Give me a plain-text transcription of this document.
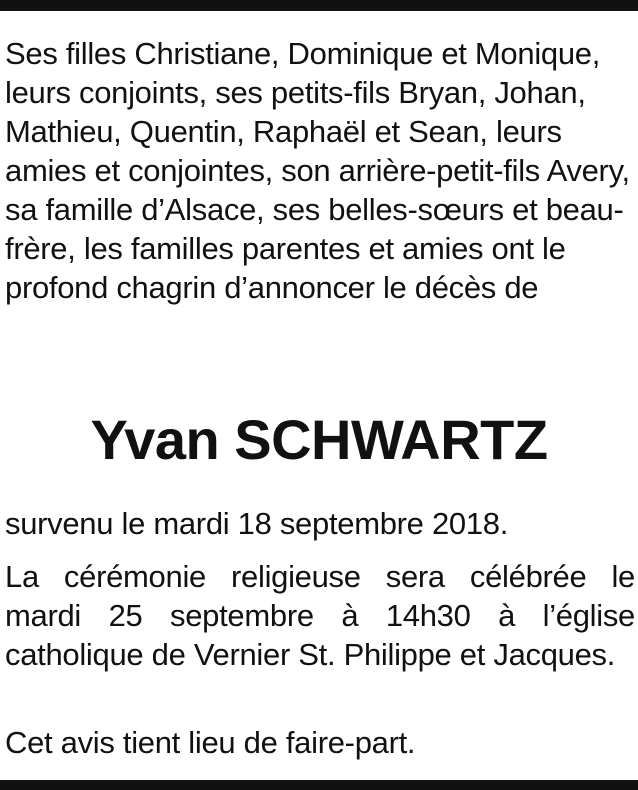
Ses filles Christiane, Dominique et Monique, leurs conjoints, ses petits-fils Bryan, Johan, Mathieu, Quentin, Raphaël et Sean, leurs amies et conjointes, son arrière-petit-fils Avery, sa famille d’Alsace, ses belles-sœurs et beau-frère, les familles parentes et amies ont le profond chagrin d’annoncer le décès de

Yvan SCHWARTZ

survenu le mardi 18 septembre 2018.

La cérémonie religieuse sera célébrée le mardi 25 septembre à 14h30 à l’église catholique de Vernier St. Philippe et Jacques.

Cet avis tient lieu de faire-part.
